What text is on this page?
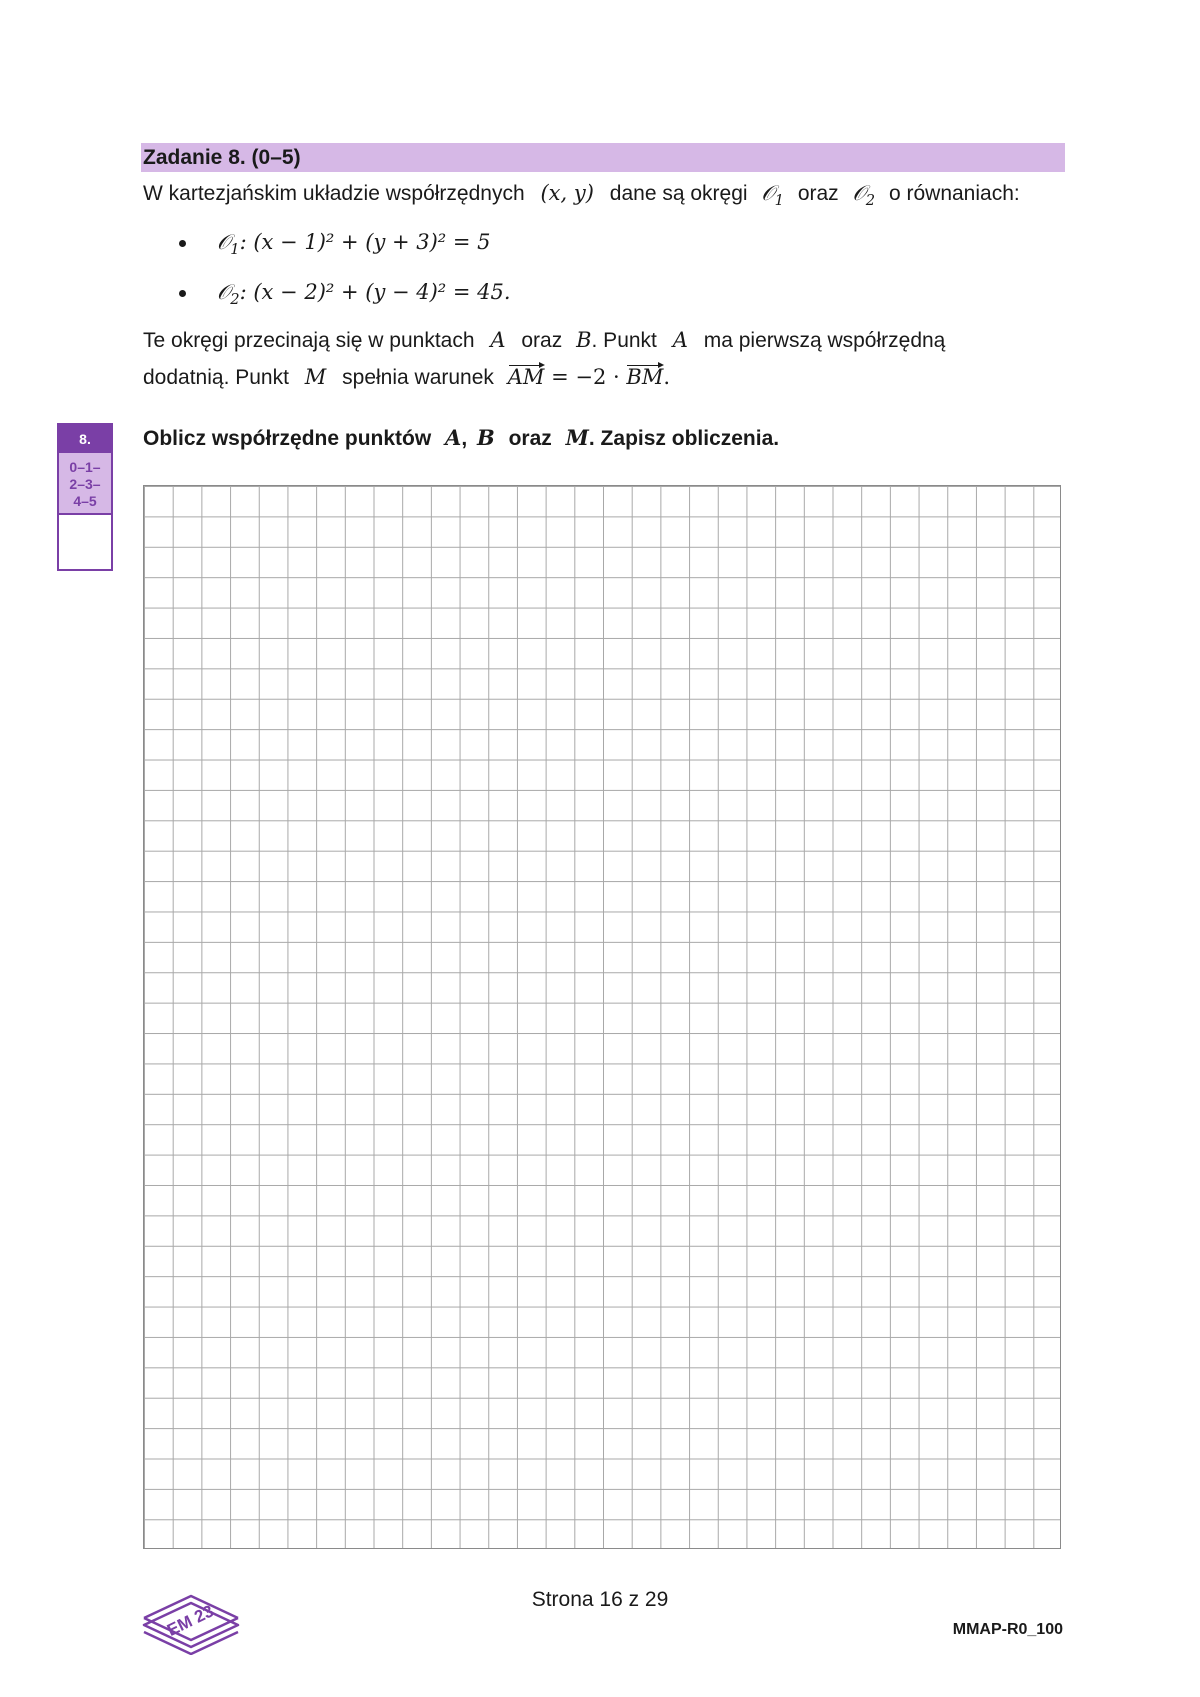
Zadanie 8. (0–5)
W kartezjańskim układzie współrzędnych (x, y) dane są okręgi 𝒪$_1$ oraz 𝒪$_2$ o równaniach:
𝒪$_1$: (x − 1)² + (y + 3)² = 5
𝒪$_2$: (x − 2)² + (y − 4)² = 45.
Te okręgi przecinają się w punktach A oraz B. Punkt A ma pierwszą współrzędną
dodatnią. Punkt M spełnia warunek AM = −2 · BM.
8.
0–1–
2–3–
4–5
Oblicz współrzędne punktów A, B oraz M. Zapisz obliczenia.
EM 23
Strona 16 z 29
MMAP-R0_100
